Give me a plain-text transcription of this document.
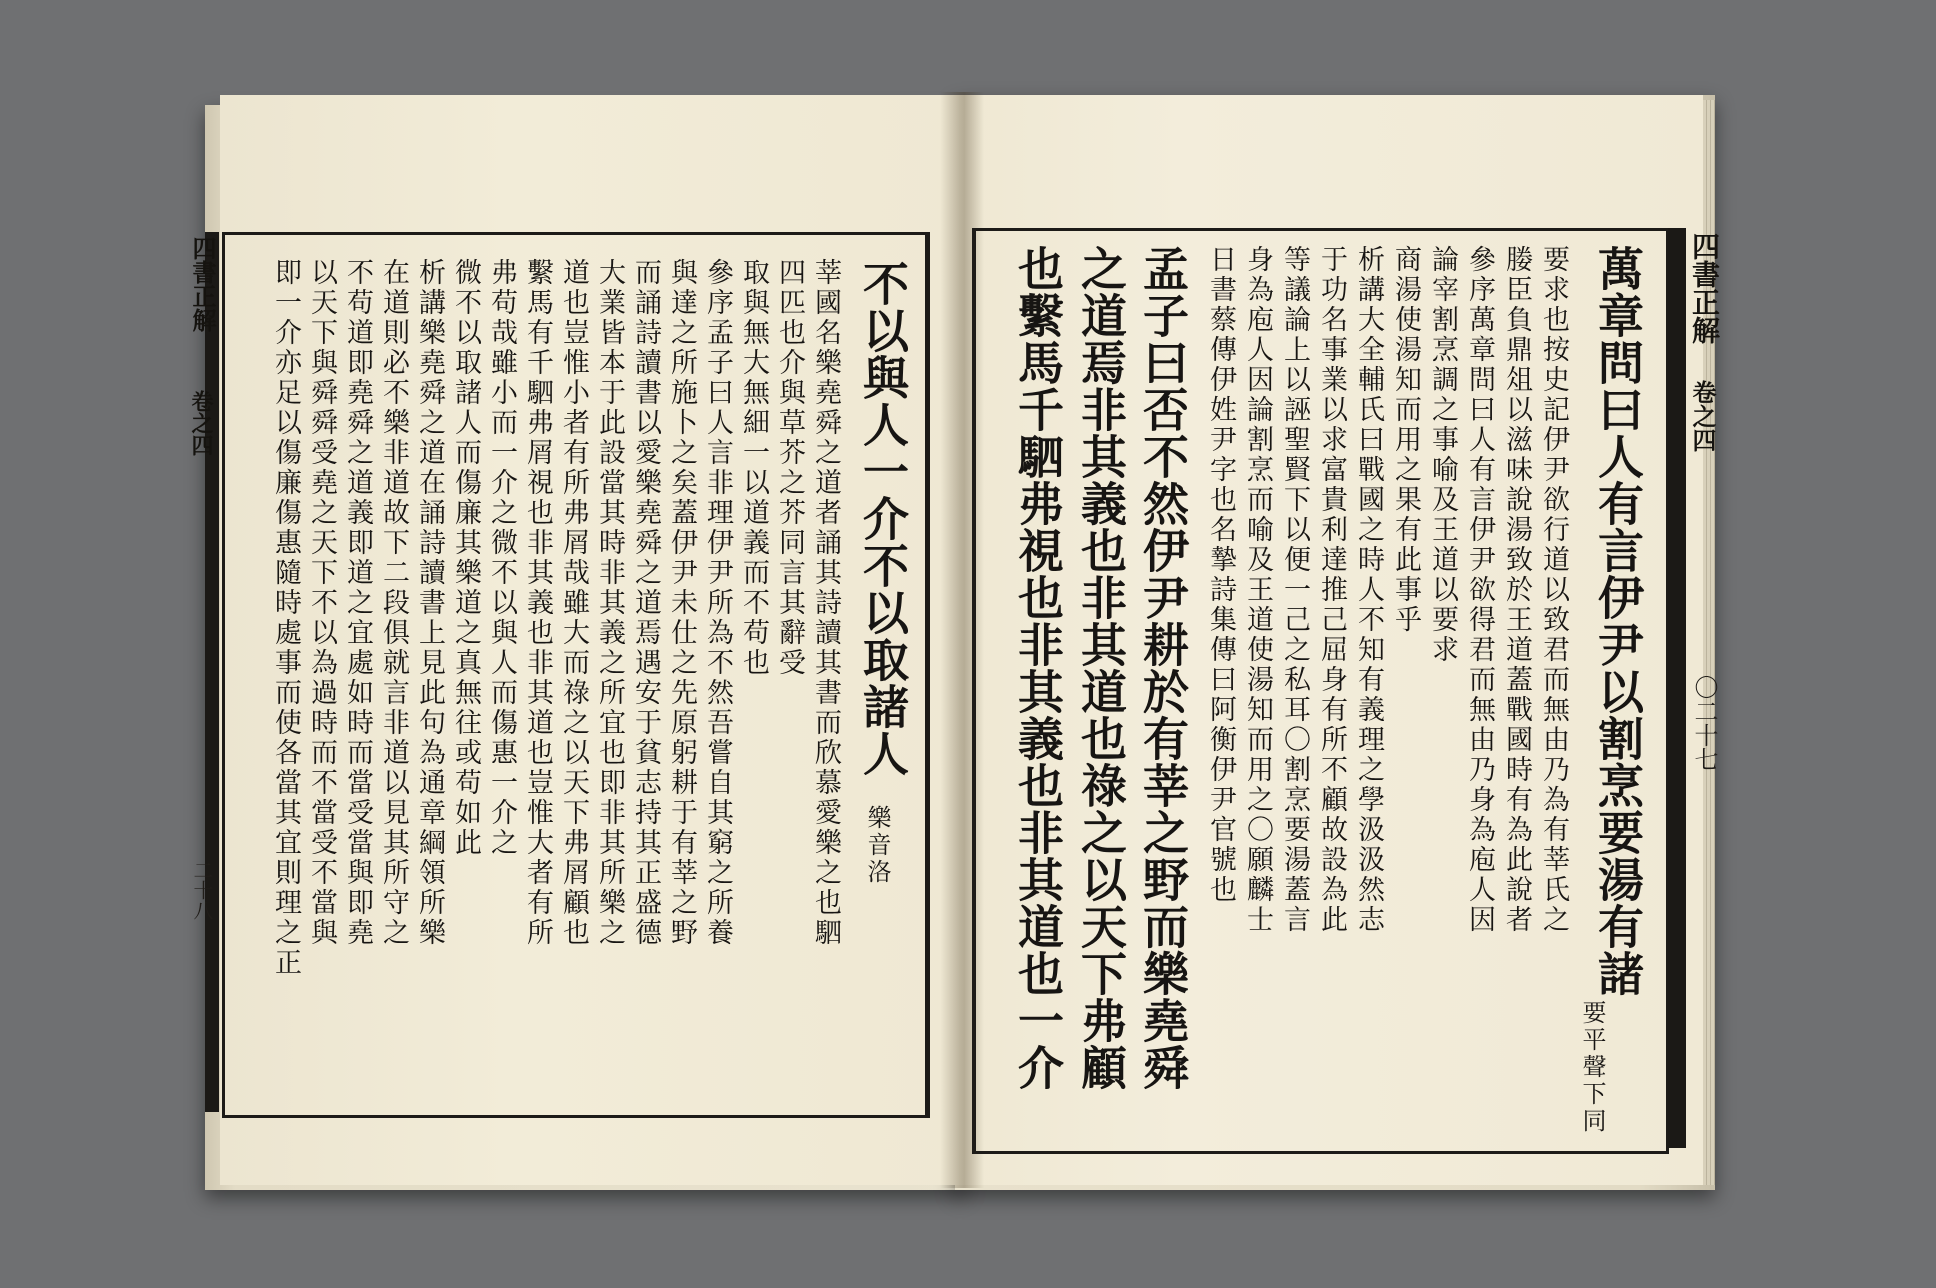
四書正解
卷之四
〇二十七
四書正解
卷之四
二十八	萬章問曰人有言伊尹以割烹要湯有諸
要平聲下同
要求也按史記伊尹欲行道以致君而無由乃為有莘氏之
媵臣負鼎俎以滋味說湯致於王道蓋戰國時有為此說者
參序萬章問曰人有言伊尹欲得君而無由乃身為庖人因
論宰割烹調之事喻及王道以要求
商湯使湯知而用之果有此事乎
析講大全輔氏曰戰國之時人不知有義理之學汲汲然志
于功名事業以求富貴利達推己屈身有所不顧故設為此
等議論上以誣聖賢下以便一己之私耳〇割烹要湯蓋言
身為庖人因論割烹而喻及王道使湯知而用之〇願麟士
日書蔡傳伊姓尹字也名摯詩集傳曰阿衡伊尹官號也
孟子曰否不然伊尹耕於有莘之野而樂堯舜
之道焉非其義也非其道也祿之以天下弗顧
也繫馬千駟弗視也非其義也非其道也一介
不以與人一介不以取諸人
樂音洛
莘國名樂堯舜之道者誦其詩讀其書而欣慕愛樂之也駟
四匹也介與草芥之芥同言其辭受
取與無大無細一以道義而不苟也
參序孟子曰人言非理伊尹所為不然吾嘗自其窮之所養
與達之所施卜之矣蓋伊尹未仕之先原躬耕于有莘之野
而誦詩讀書以愛樂堯舜之道焉遇安于貧志持其正盛德
大業皆本于此設當其時非其義之所宜也即非其所樂之
道也豈惟小者有所弗屑哉雖大而祿之以天下弗屑顧也
繫馬有千駟弗屑視也非其義也非其道也豈惟大者有所
弗苟哉雖小而一介之微不以與人而傷惠一介之
微不以取諸人而傷廉其樂道之真無往或苟如此
析講樂堯舜之道在誦詩讀書上見此句為通章綱領所樂
在道則必不樂非道故下二段俱就言非道以見其所守之
不苟道即堯舜之道義即道之宜處如時而當受當與即堯
以天下與舜舜受堯之天下不以為過時而不當受不當與
即一介亦足以傷廉傷惠隨時處事而使各當其宜則理之正
